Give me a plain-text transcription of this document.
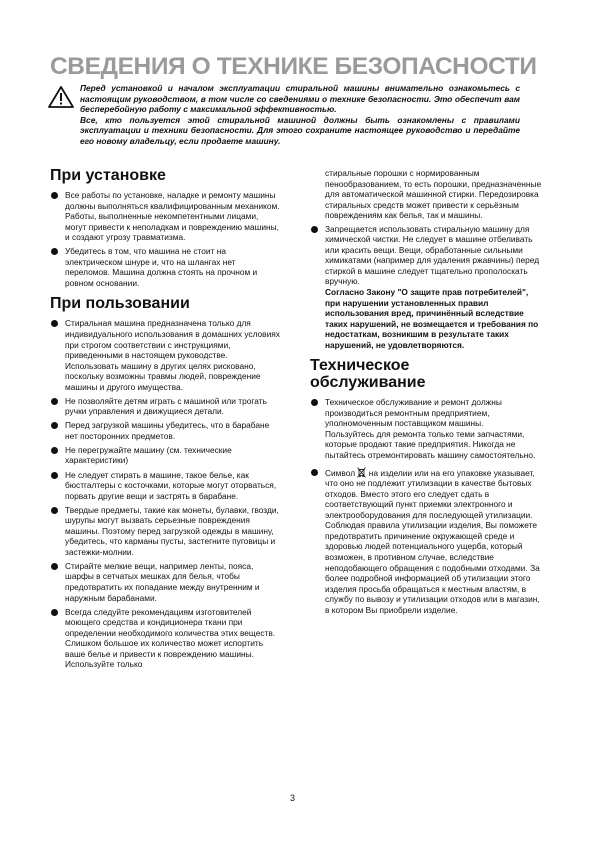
СВЕДЕНИЯ О ТЕХНИКЕ БЕЗОПАСНОСТИ

Перед установкой и началом эксплуатации стиральной машины внимательно ознакомьтесь с настоящим руководством, в том числе со сведениями о технике безопасности. Это обеспечит вам бесперебойную работу с максимальной эффективностью.

Все, кто пользуется этой стиральной машиной должны быть ознакомлены с правилами эксплуатации и техники безопасности. Для этого сохраните настоящее руководство и передайте его новому владельцу, если продаете машину.

При установке
Все работы по установке, наладке и ремонту машины должны выполняться квалифицированным механиком. Работы, выполненные некомпетентными лицами, могут привести к неполадкам и повреждению машины, и создают угрозу травматизма.
Убедитесь в том, что машина не стоит на электрическом шнуре и, что на шлангах нет переломов. Машина должна стоять на прочном и ровном основании.
При пользовании
Стиральная машина предназначена только для индивидуального использования в домашних условиях при строгом соответствии с инструкциями, приведенными в настоящем руководстве. Использовать машину в других целях рисковано, поскольку возможны травмы людей, повреждение машины и другого имущества.
Не позволяйте детям играть с машиной или трогать ручки управления и движущиеся детали.
Перед загрузкой машины убедитесь, что в барабане нет посторонних предметов.
Не перегружайте машину (см. технические характеристики)
Не следует стирать в машине, такое белье, как бюстгалтеры с косточками, которые могут оторваться, порвать другие вещи и застрять в барабане.
Твердые предметы, такие как монеты, булавки, гвозди, шурупы могут вызвать серьезные повреждения машины. Поэтому перед загрузкой одежды в машину, убедитесь, что карманы пусты, застегните пуговицы и застежки-молнии.
Стирайте мелкие вещи, например ленты, пояса, шарфы в сетчатых мешках для белья, чтобы предотвратить их попадание между внутренним и наружным барабанами.
Всегда следуйте рекомендациям изготовителей моющего средства и кондиционера ткани при определении необходимого количества этих веществ. Слишком большое их количество может испортить ваше белье и привести к повреждению машины. Используйте только
стиральные порошки с нормированным пенообразованием, то есть порошки, предназначенные для автоматической машинной стирки. Передозировка стиральных средств может привести к серьёзным повреждениям как белья, так и машины.
Запрещается использовать стиральную машину для химической чистки. Не следует в машине отбеливать или красить вещи. Вещи, обработанные сильными химикатами (например для удаления ржавчины) перед стиркой в машине следует тщательно прополоскать вручную.
Согласно Закону "О защите прав потребителей", при нарушении установленных правил использования вред, причинённый вследствие таких нарушений, не возмещается и требования по недостаткам, возникшим в результате таких нарушений, не удовлетворяются.
Техническое обслуживание
Техническое обслуживание и ремонт должны производиться ремонтным предприятием, уполномоченным поставщиком машины.
Пользуйтесь для ремонта только теми запчастями, которые продают такие предприятия. Никогда не пытайтесь отремонтировать машину самостоятельно.
Символ на изделии или на его упаковке указывает, что оно не подлежит утилизации в качестве бытовых отходов. Вместо этого его следует сдать в соответствующий пункт приемки электронного и электрооборудования для последующей утилизации. Соблюдая правила утилизации изделия, Вы поможете предотвратить причинение окружающей среде и здоровью людей потенциального ущерба, который возможен, в противном случае, вследствие неподобающего обращения с подобными отходами. За более подробной информацией об утилизации этого изделия просьба обращаться к местным властям, в службу по вывозу и утилизации отходов или в магазин, в котором Вы приобрели изделие.
3
